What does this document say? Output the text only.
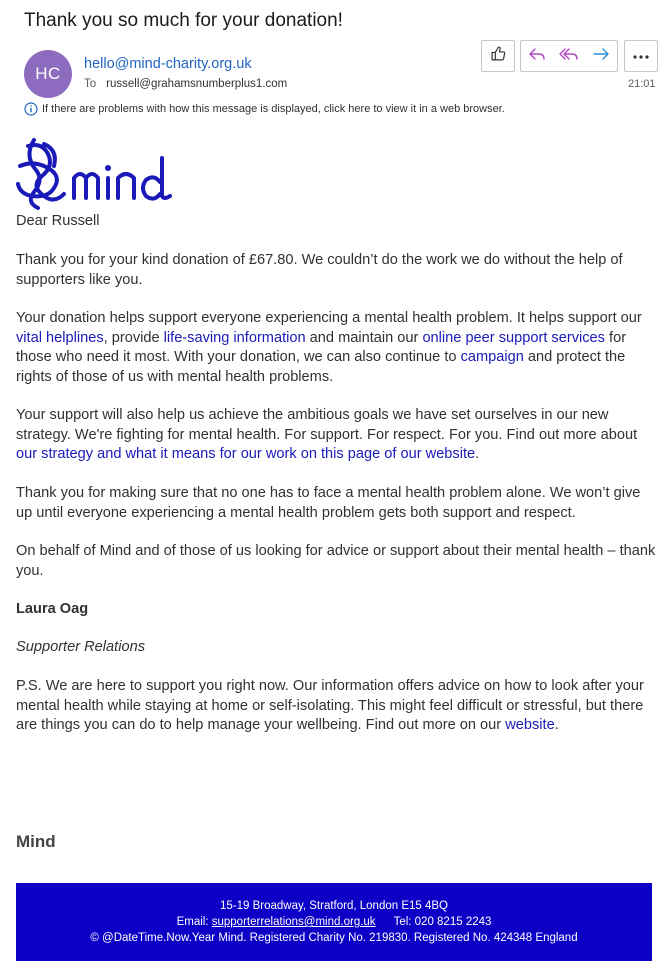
Thank you so much for your donation!
HC	hello@mind-charity.org.uk
To russell@grahamsnumberplus1.com	21:01
If there are problems with how this message is displayed, click here to view it in a web browser.
mind

Dear Russell

Thank you for your kind donation of £67.80. We couldn’t do the work we do without the help of supporters like you.

Your donation helps support everyone experiencing a mental health problem. It helps support our vital helplines, provide life-saving information and maintain our online peer support services for those who need it most. With your donation, we can also continue to campaign and protect the rights of those of us with mental health problems.

Your support will also help us achieve the ambitious goals we have set ourselves in our new strategy. We're fighting for mental health. For support. For respect. For you. Find out more about our strategy and what it means for our work on this page of our website.

Thank you for making sure that no one has to face a mental health problem alone. We won’t give up until everyone experiencing a mental health problem gets both support and respect.

On behalf of Mind and of those of us looking for advice or support about their mental health – thank you.

Laura Oag

Supporter Relations

P.S. We are here to support you right now. Our information offers advice on how to look after your mental health while staying at home or self-isolating. This might feel difficult or stressful, but there are things you can do to help manage your wellbeing. Find out more on our website.

Mind
15-19 Broadway, Stratford, London E15 4BQ
Email: supporterrelations@mind.org.uk Tel: 020 8215 2243
© @DateTime.Now.Year Mind. Registered Charity No. 219830. Registered No. 424348 England
